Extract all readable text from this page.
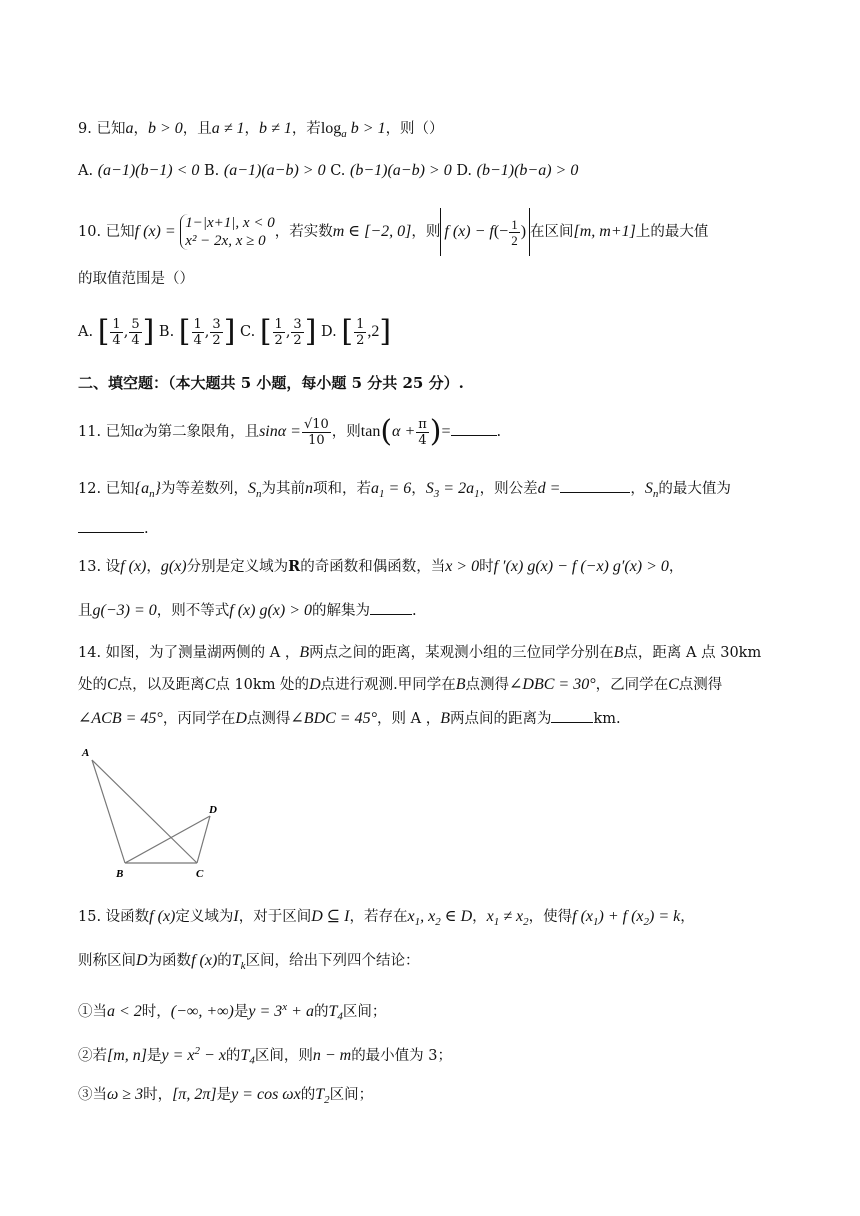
9. 已知a，b > 0，且a ≠ 1，b ≠ 1，若$\log_a b > 1$，则（）
A. (a−1)(b−1) < 0 B. (a−1)(a−b) > 0 C. (b−1)(a−b) > 0 D. (b−1)(b−a) > 0
10. 已知f (x) = 1−|x+1|, x < 0
x² − 2x, x ≥ 0
，若实数m ∈ [−2, 0]，则 f $(x) - f(- \frac{1}{2}$ ) 在区间[m, m+1]上的最大值
的取值范围是（）
A. [ $\frac{1}{4}$ , $\frac{5}{4}$ ] B. [ $\frac{1}{4}$ , $\frac{3}{2}$ ] C. [ $\frac{1}{2}$ , $\frac{3}{2}$ ] D. [ $\frac{1}{2} ,2$]
二、填空题：（本大题共 5 小题，每小题 5 分共 25 分）.
11. 已知α为第二象限角，且$\sin\alpha = \frac{√10}{10}$ ，则$\tan(\alpha + \frac{\pi}{4}$ )=	.
12. 已知$\{a_n\}$为等差数列，$S_n$为其前n项和，若$a_1 = 6$，$S_3 = 2a_1$，则公差d =	，$S_n$的最大值为
.
13. 设f (x)，g(x)分别是定义域为R的奇函数和偶函数，当x > 0时f ′(x) g(x) − f (−x) g′(x) > 0，
且g(−3) = 0，则不等式f (x) g(x) > 0的解集为	.
14. 如图，为了测量湖两侧的 A ，B两点之间的距离，某观测小组的三位同学分别在B点，距离 A 点 30km
处的C点，以及距离C点 10km 处的D点进行观测.甲同学在B点测得∠DBC = 30°，乙同学在C点测得
∠ACB = 45°，丙同学在D点测得∠BDC = 45°，则 A ，B两点间的距离为	km.
A
B	C
D
15. 设函数f (x)定义域为I，对于区间D ⊆ I，若存在$x_1$, $x_2$ ∈ D，$x_1 \ne x_2$，使得f $(x_1) + f$ $(x_2) = k$，
则称区间D为函数f (x)的$T_k$区间，给出下列四个结论：
①当a < 2时，(−∞, +∞)是$y = 3^x + a$的$T_4$区间；
②若[m, n]是$y = x^2 - x$的$T_4$区间，则n − m的最小值为 3；
③当ω ≥ 3时，[π, 2π]是y = cos ωx的$T_2$区间；
